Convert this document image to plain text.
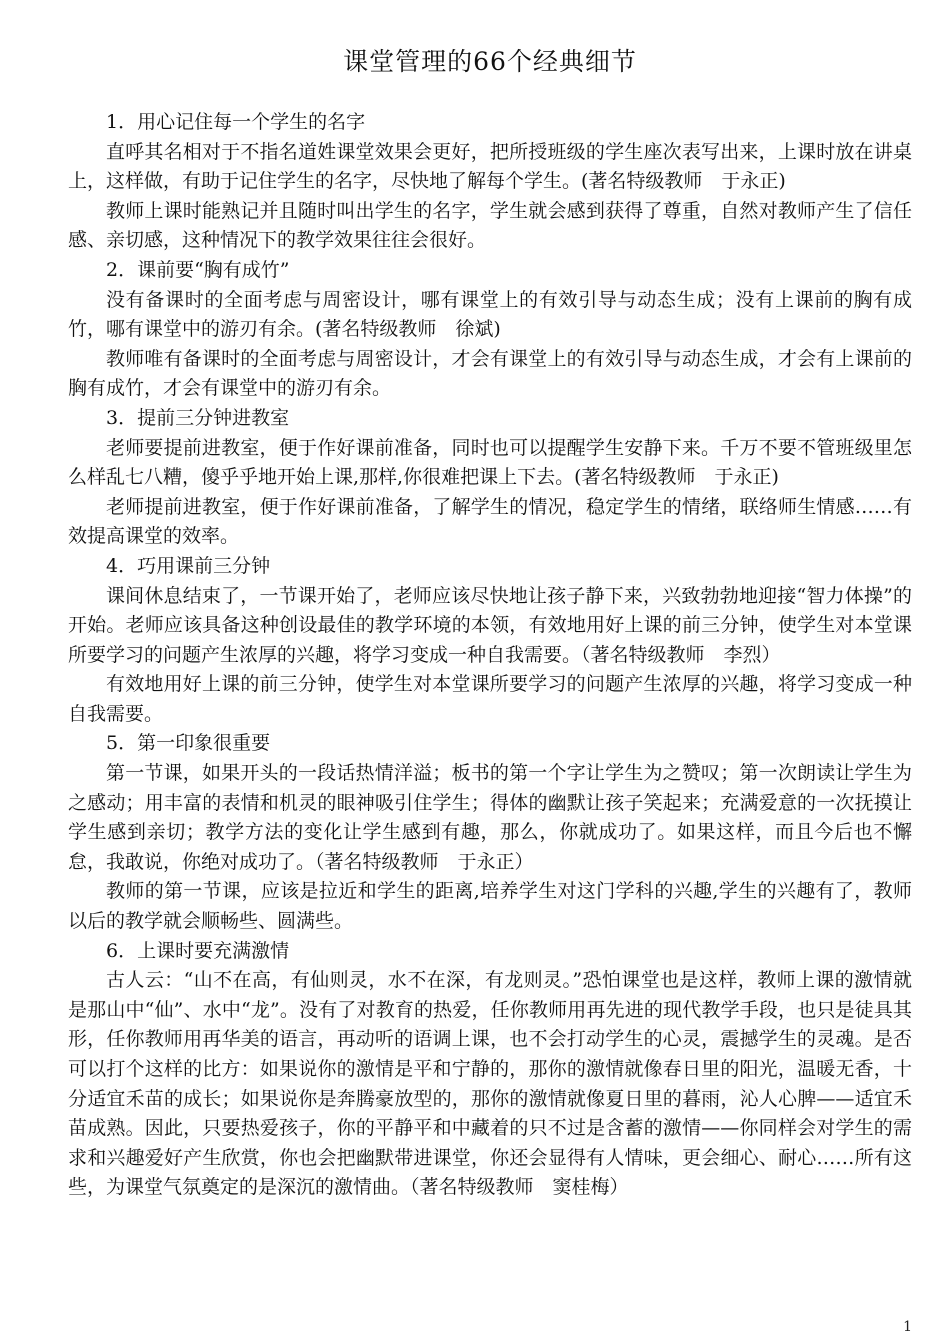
课堂管理的66个经典细节

1．用心记住每一个学生的名字

直呼其名相对于不指名道姓课堂效果会更好，把所授班级的学生座次表写出来，上课时放在讲桌上，这样做，有助于记住学生的名字，尽快地了解每个学生。(著名特级教师　于永正)

教师上课时能熟记并且随时叫出学生的名字，学生就会感到获得了尊重，自然对教师产生了信任感、亲切感，这种情况下的教学效果往往会很好。

2．课前要“胸有成竹”

没有备课时的全面考虑与周密设计，哪有课堂上的有效引导与动态生成；没有上课前的胸有成竹，哪有课堂中的游刃有余。(著名特级教师　徐斌)

教师唯有备课时的全面考虑与周密设计，才会有课堂上的有效引导与动态生成，才会有上课前的胸有成竹，才会有课堂中的游刃有余。

3．提前三分钟进教室

老师要提前进教室，便于作好课前准备，同时也可以提醒学生安静下来。千万不要不管班级里怎么样乱七八糟，傻乎乎地开始上课,那样,你很难把课上下去。(著名特级教师　于永正)

老师提前进教室，便于作好课前准备，了解学生的情况，稳定学生的情绪，联络师生情感……有效提高课堂的效率。

4．巧用课前三分钟

课间休息结束了，一节课开始了，老师应该尽快地让孩子静下来，兴致勃勃地迎接“智力体操”的开始。老师应该具备这种创设最佳的教学环境的本领，有效地用好上课的前三分钟，使学生对本堂课所要学习的问题产生浓厚的兴趣，将学习变成一种自我需要。（著名特级教师　李烈）

有效地用好上课的前三分钟，使学生对本堂课所要学习的问题产生浓厚的兴趣，将学习变成一种自我需要。

5．第一印象很重要

第一节课，如果开头的一段话热情洋溢；板书的第一个字让学生为之赞叹；第一次朗读让学生为之感动；用丰富的表情和机灵的眼神吸引住学生；得体的幽默让孩子笑起来；充满爱意的一次抚摸让学生感到亲切；教学方法的变化让学生感到有趣，那么，你就成功了。如果这样，而且今后也不懈怠，我敢说，你绝对成功了。（著名特级教师　于永正）

教师的第一节课，应该是拉近和学生的距离,培养学生对这门学科的兴趣,学生的兴趣有了，教师以后的教学就会顺畅些、圆满些。

6．上课时要充满激情

古人云：“山不在高，有仙则灵，水不在深，有龙则灵。”恐怕课堂也是这样，教师上课的激情就是那山中“仙”、水中“龙”。没有了对教育的热爱，任你教师用再先进的现代教学手段，也只是徒具其形，任你教师用再华美的语言，再动听的语调上课，也不会打动学生的心灵，震撼学生的灵魂。是否可以打个这样的比方：如果说你的激情是平和宁静的，那你的激情就像春日里的阳光，温暖无香，十分适宜禾苗的成长；如果说你是奔腾豪放型的，那你的激情就像夏日里的暮雨，沁人心脾——适宜禾苗成熟。因此，只要热爱孩子，你的平静平和中藏着的只不过是含蓄的激情——你同样会对学生的需求和兴趣爱好产生欣赏，你也会把幽默带进课堂，你还会显得有人情味，更会细心、耐心……所有这些，为课堂气氛奠定的是深沉的激情曲。（著名特级教师　窦桂梅）

1
